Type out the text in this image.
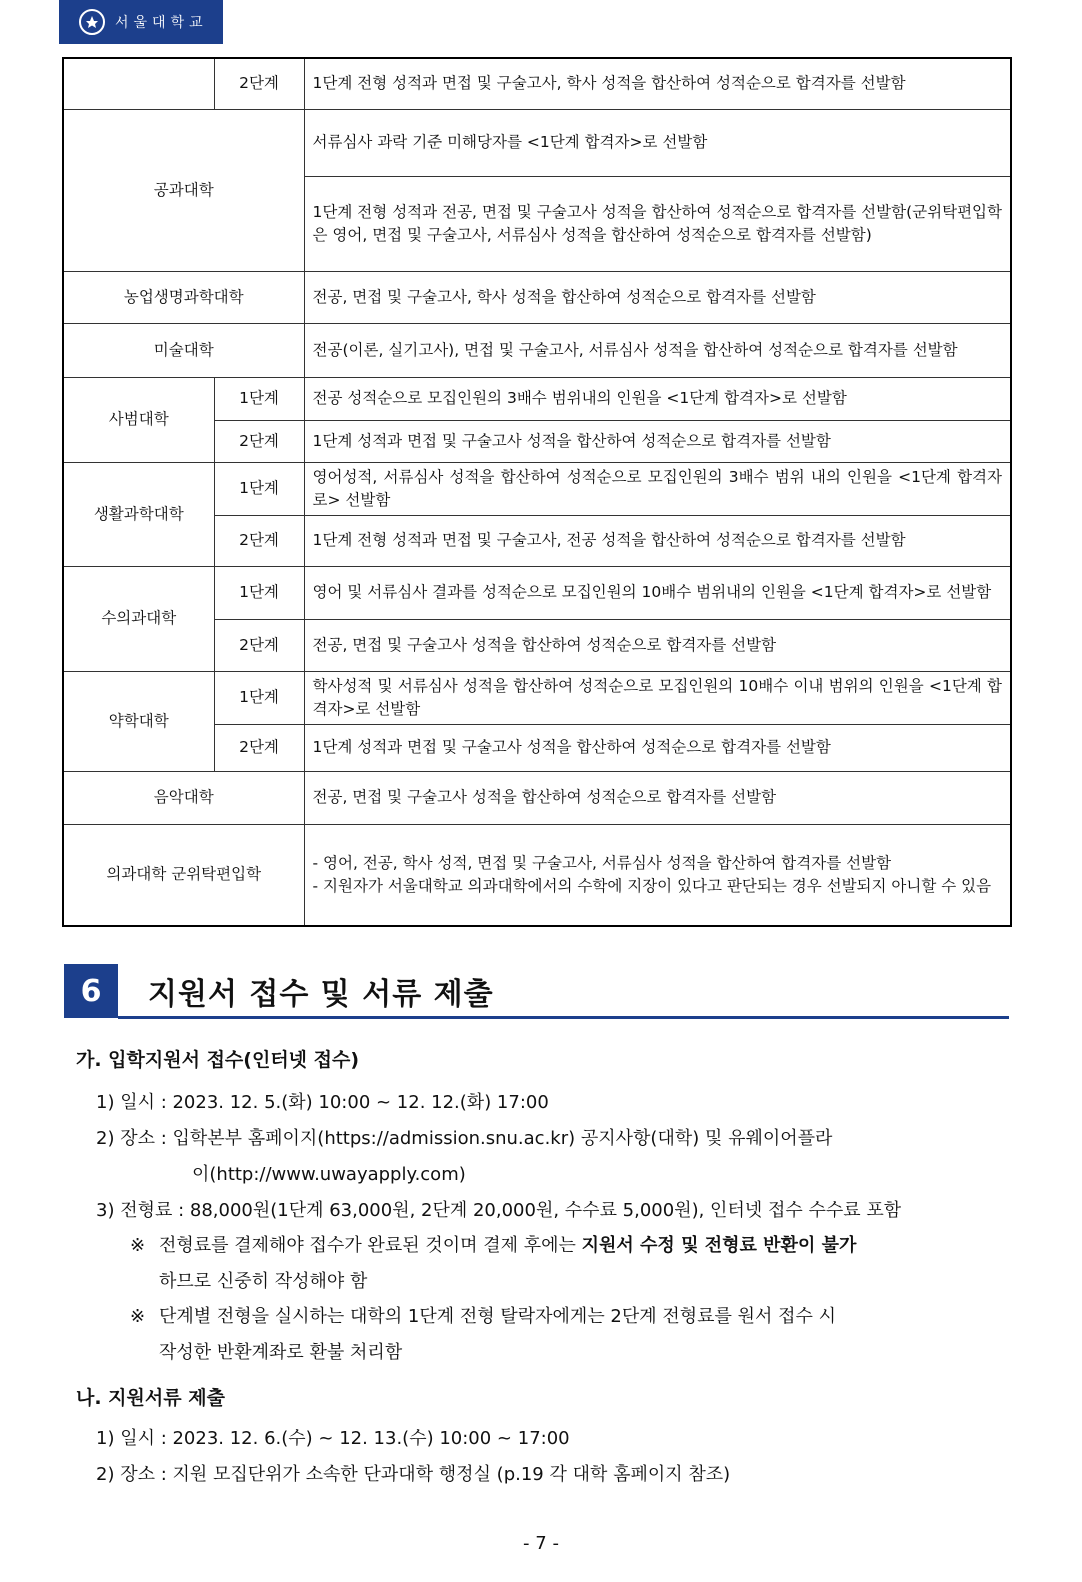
서울대학교
	2단계	1단계 전형 성적과 면접 및 구술고사, 학사 성적을 합산하여 성적순으로 합격자를 선발함
공과대학		서류심사 과락 기준 미해당자를 <1단계 합격자>로 선발함
		1단계 전형 성적과 전공, 면접 및 구술고사 성적을 합산하여 성적순으로 합격자를 선발함(군위탁편입학은 영어, 면접 및 구술고사, 서류심사 성적을 합산하여 성적순으로 합격자를 선발함)
농업생명과학대학		전공, 면접 및 구술고사, 학사 성적을 합산하여 성적순으로 합격자를 선발함
미술대학		전공(이론, 실기고사), 면접 및 구술고사, 서류심사 성적을 합산하여 성적순으로 합격자를 선발함
사범대학	1단계	전공 성적순으로 모집인원의 3배수 범위내의 인원을 <1단계 합격자>로 선발함
	2단계	1단계 성적과 면접 및 구술고사 성적을 합산하여 성적순으로 합격자를 선발함
생활과학대학	1단계	영어성적, 서류심사 성적을 합산하여 성적순으로 모집인원의 3배수 범위 내의 인원을 <1단계 합격자로> 선발함
	2단계	1단계 전형 성적과 면접 및 구술고사, 전공 성적을 합산하여 성적순으로 합격자를 선발함
수의과대학	1단계	영어 및 서류심사 결과를 성적순으로 모집인원의 10배수 범위내의 인원을 <1단계 합격자>로 선발함
	2단계	전공, 면접 및 구술고사 성적을 합산하여 성적순으로 합격자를 선발함
약학대학	1단계	학사성적 및 서류심사 성적을 합산하여 성적순으로 모집인원의 10배수 이내 범위의 인원을 <1단계 합격자>로 선발함
	2단계	1단계 성적과 면접 및 구술고사 성적을 합산하여 성적순으로 합격자를 선발함
음악대학		전공, 면접 및 구술고사 성적을 합산하여 성적순으로 합격자를 선발함
의과대학 군위탁편입학		- 영어, 전공, 학사 성적, 면접 및 구술고사, 서류심사 성적을 합산하여 합격자를 선발함
- 지원자가 서울대학교 의과대학에서의 수학에 지장이 있다고 판단되는 경우 선발되지 아니할 수 있음
6	지원서 접수 및 서류 제출
가. 입학지원서 접수(인터넷 접수)
1) 일시 : 2023. 12. 5.(화) 10:00 ~ 12. 12.(화) 17:00
2) 장소 : 입학본부 홈페이지(https://admission.snu.ac.kr) 공지사항(대학) 및 유웨이어플라
이(http://www.uwayapply.com)
3) 전형료 : 88,000원(1단계 63,000원, 2단계 20,000원, 수수료 5,000원), 인터넷 접수 수수료 포함
※ 전형료를 결제해야 접수가 완료된 것이며 결제 후에는 지원서 수정 및 전형료 반환이 불가
하므로 신중히 작성해야 함
※ 단계별 전형을 실시하는 대학의 1단계 전형 탈락자에게는 2단계 전형료를 원서 접수 시
작성한 반환계좌로 환불 처리함
나. 지원서류 제출
1) 일시 : 2023. 12. 6.(수) ~ 12. 13.(수) 10:00 ~ 17:00
2) 장소 : 지원 모집단위가 소속한 단과대학 행정실 (p.19 각 대학 홈페이지 참조)
- 7 -
